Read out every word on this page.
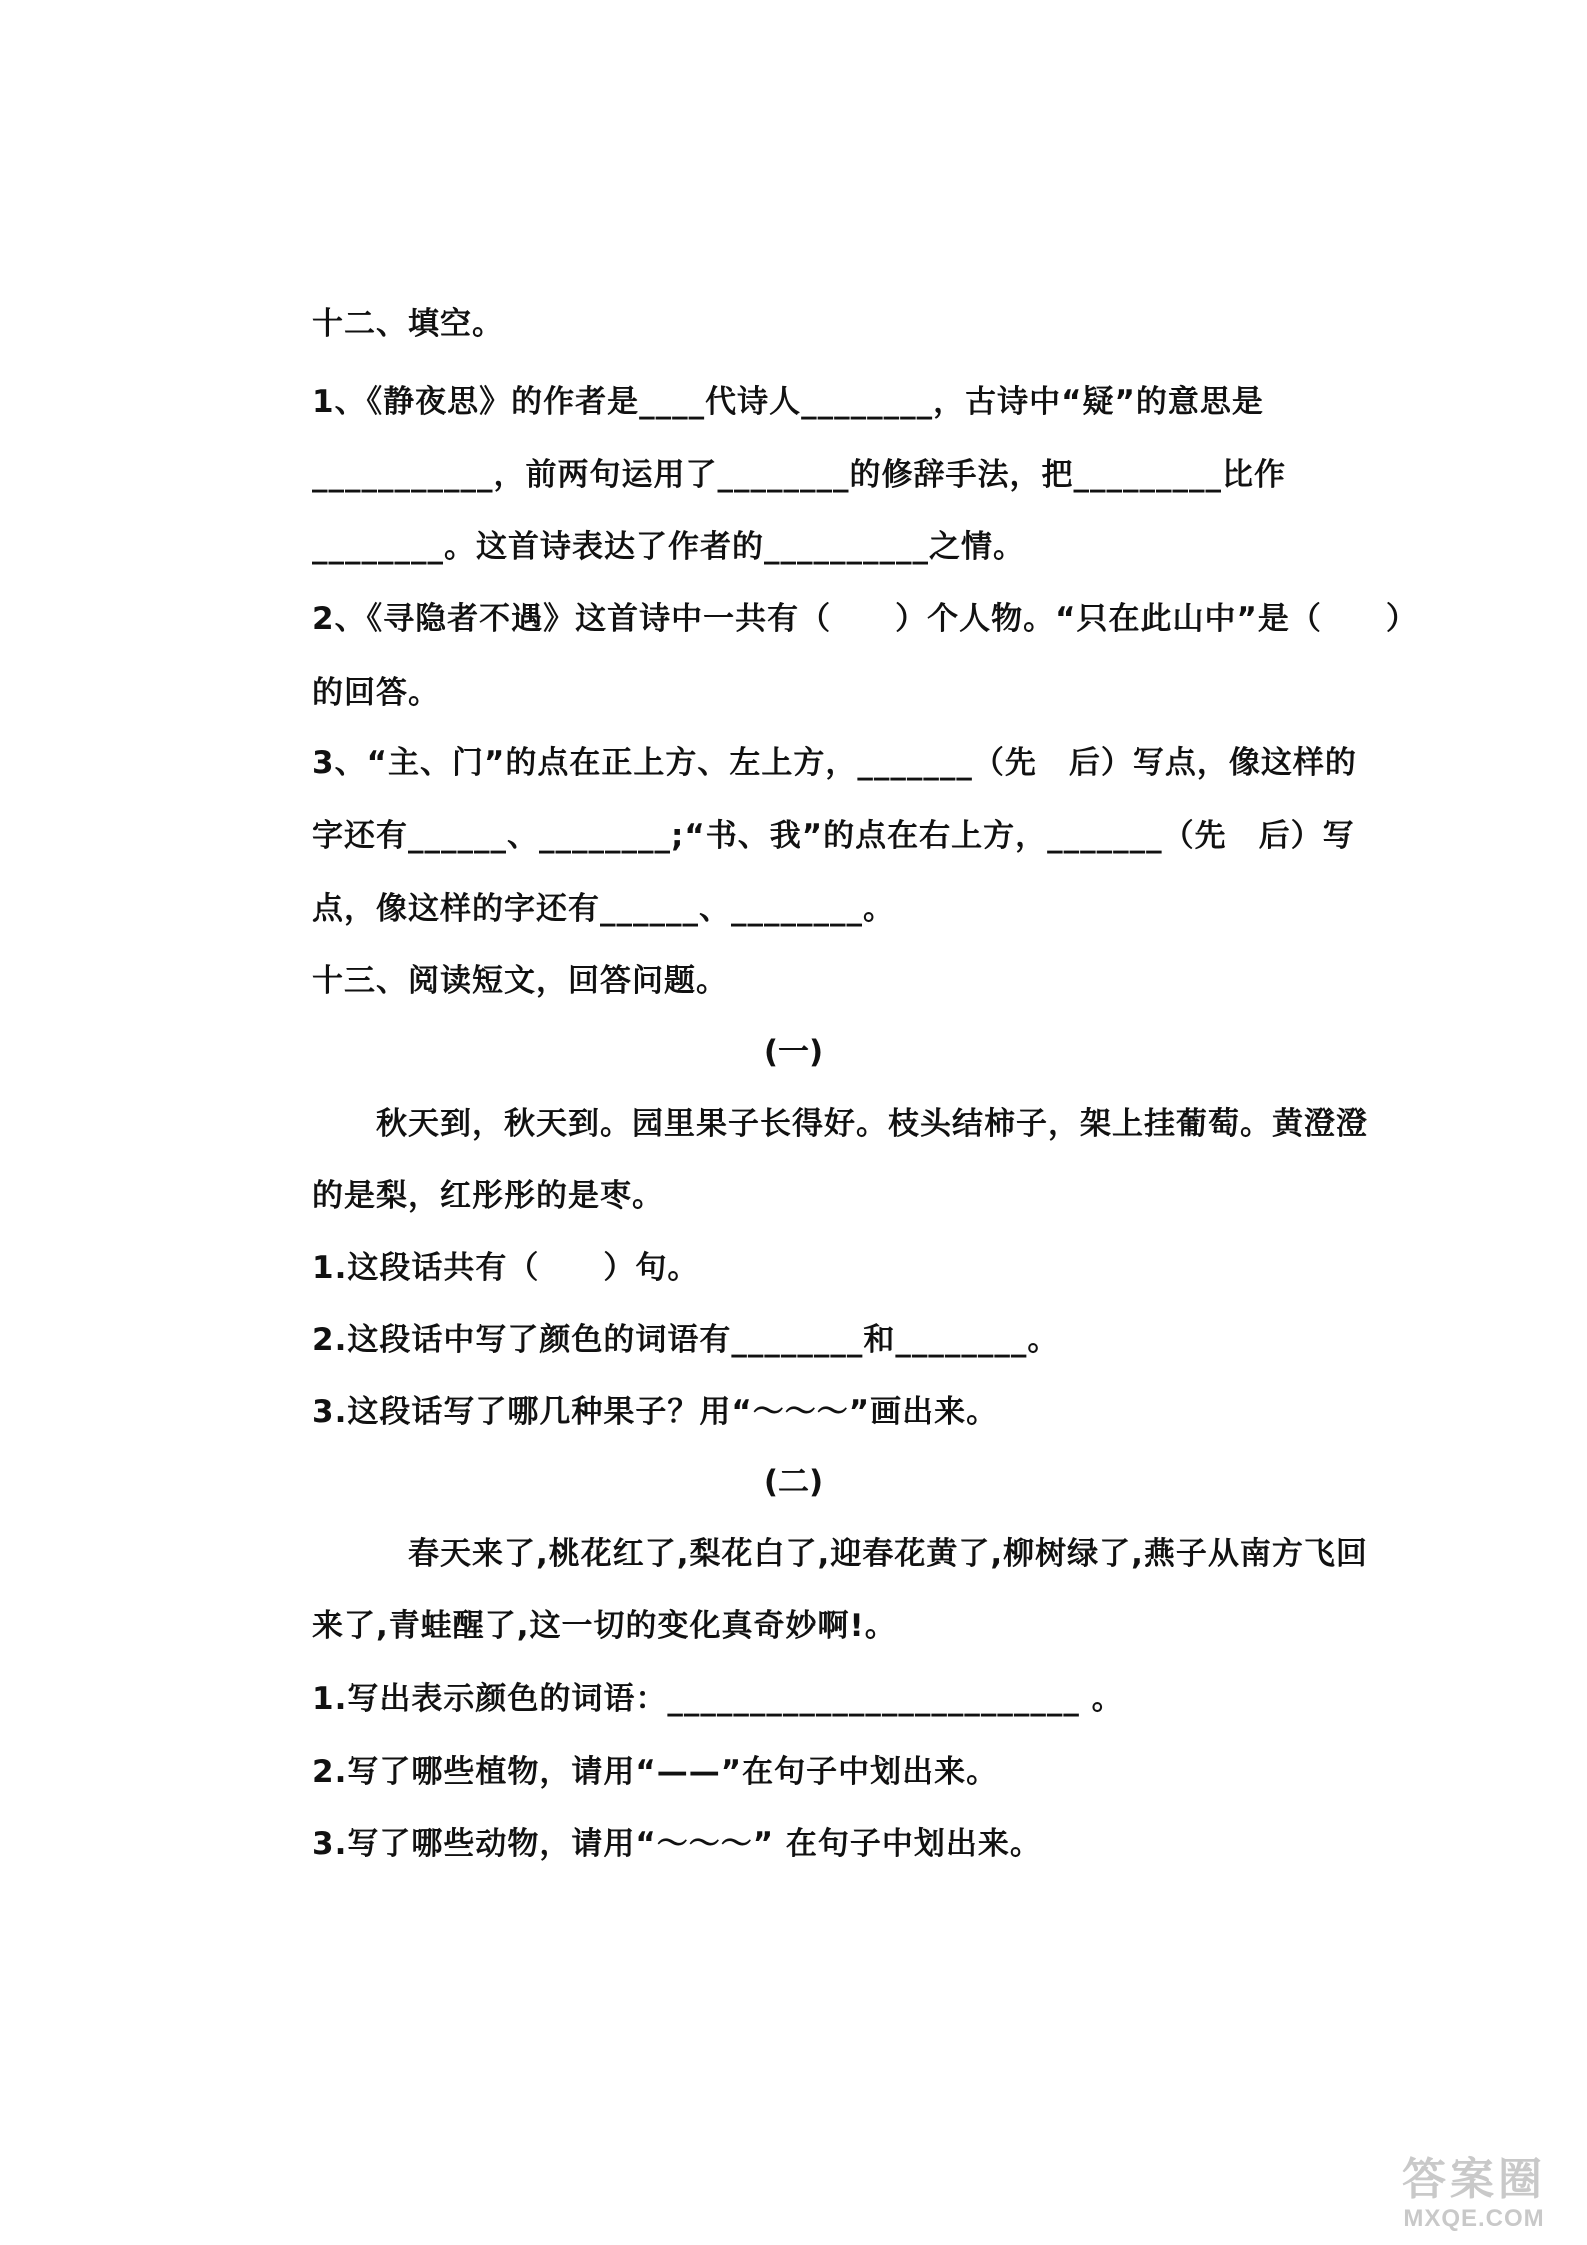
十二、填空。
1、《静夜思》的作者是____代诗人________，古诗中“疑”的意思是
___________，前两句运用了________的修辞手法，把_________比作
________。这首诗表达了作者的__________之情。
2、《寻隐者不遇》这首诗中一共有（　　）个人物。“只在此山中”是（　　）
的回答。
3、“主、门”的点在正上方、左上方，_______（先　后）写点，像这样的
字还有______、________;“书、我”的点在右上方，_______（先　后）写
点，像这样的字还有______、________。
十三、阅读短文，回答问题。
(一)
秋天到，秋天到。园里果子长得好。枝头结柿子，架上挂葡萄。黄澄澄
的是梨，红彤彤的是枣。
1.这段话共有（　　）句。
2.这段话中写了颜色的词语有________和________。
3.这段话写了哪几种果子？用“～～～”画出来。
(二)
春天来了,桃花红了,梨花白了,迎春花黄了,柳树绿了,燕子从南方飞回
来了,青蛙醒了,这一切的变化真奇妙啊!。
1.写出表示颜色的词语：_________________________ 。
2.写了哪些植物，请用“——”在句子中划出来。
3.写了哪些动物，请用“～～～” 在句子中划出来。
答案圈
MXQE.COM
